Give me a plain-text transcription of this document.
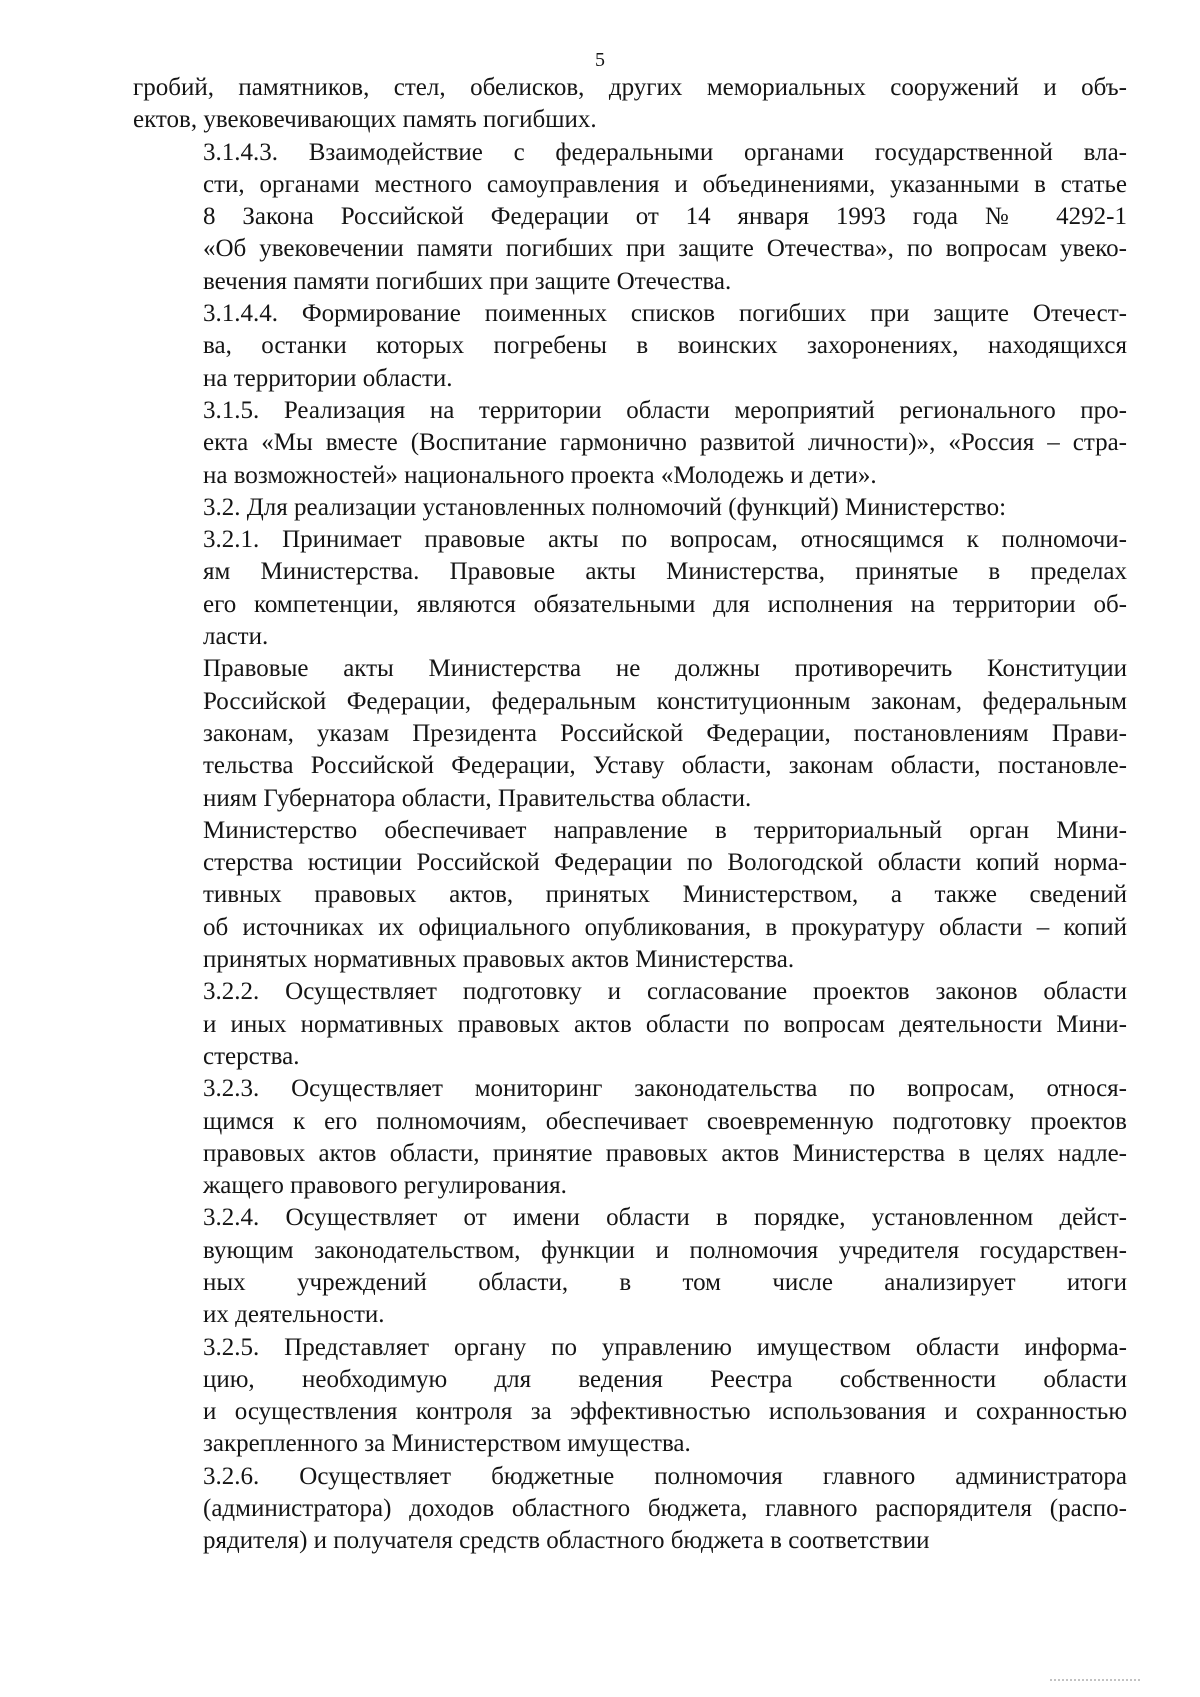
5

гробий, памятников, стел, обелисков, других мемориальных сооружений и объ-
ектов, увековечивающих память погибших.

3.1.4.3. Взаимодействие с федеральными органами государственной вла-
сти, органами местного самоуправления и объединениями, указанными в статье
8 Закона Российской Федерации от 14 января 1993 года № 4292-1
«Об увековечении памяти погибших при защите Отечества», по вопросам увеко-
вечения памяти погибших при защите Отечества.

3.1.4.4. Формирование поименных списков погибших при защите Отечест-
ва, останки которых погребены в воинских захоронениях, находящихся
на территории области.

3.1.5. Реализация на территории области мероприятий регионального про-
екта «Мы вместе (Воспитание гармонично развитой личности)», «Россия – стра-
на возможностей» национального проекта «Молодежь и дети».

3.2. Для реализации установленных полномочий (функций) Министерство:

3.2.1. Принимает правовые акты по вопросам, относящимся к полномочи-
ям Министерства. Правовые акты Министерства, принятые в пределах
его компетенции, являются обязательными для исполнения на территории об-
ласти.

Правовые акты Министерства не должны противоречить Конституции
Российской Федерации, федеральным конституционным законам, федеральным
законам, указам Президента Российской Федерации, постановлениям Прави-
тельства Российской Федерации, Уставу области, законам области, постановле-
ниям Губернатора области, Правительства области.

Министерство обеспечивает направление в территориальный орган Мини-
стерства юстиции Российской Федерации по Вологодской области копий норма-
тивных правовых актов, принятых Министерством, а также сведений
об источниках их официального опубликования, в прокуратуру области – копий
принятых нормативных правовых актов Министерства.

3.2.2. Осуществляет подготовку и согласование проектов законов области
и иных нормативных правовых актов области по вопросам деятельности Мини-
стерства.

3.2.3. Осуществляет мониторинг законодательства по вопросам, относя-
щимся к его полномочиям, обеспечивает своевременную подготовку проектов
правовых актов области, принятие правовых актов Министерства в целях надле-
жащего правового регулирования.

3.2.4. Осуществляет от имени области в порядке, установленном дейст-
вующим законодательством, функции и полномочия учредителя государствен-
ных учреждений области, в том числе анализирует итоги
их деятельности.

3.2.5. Представляет органу по управлению имуществом области информа-
цию, необходимую для ведения Реестра собственности области
и осуществления контроля за эффективностью использования и сохранностью
закрепленного за Министерством имущества.

3.2.6. Осуществляет бюджетные полномочия главного администратора
(администратора) доходов областного бюджета, главного распорядителя (распо-
рядителя) и получателя средств областного бюджета в соответствии
